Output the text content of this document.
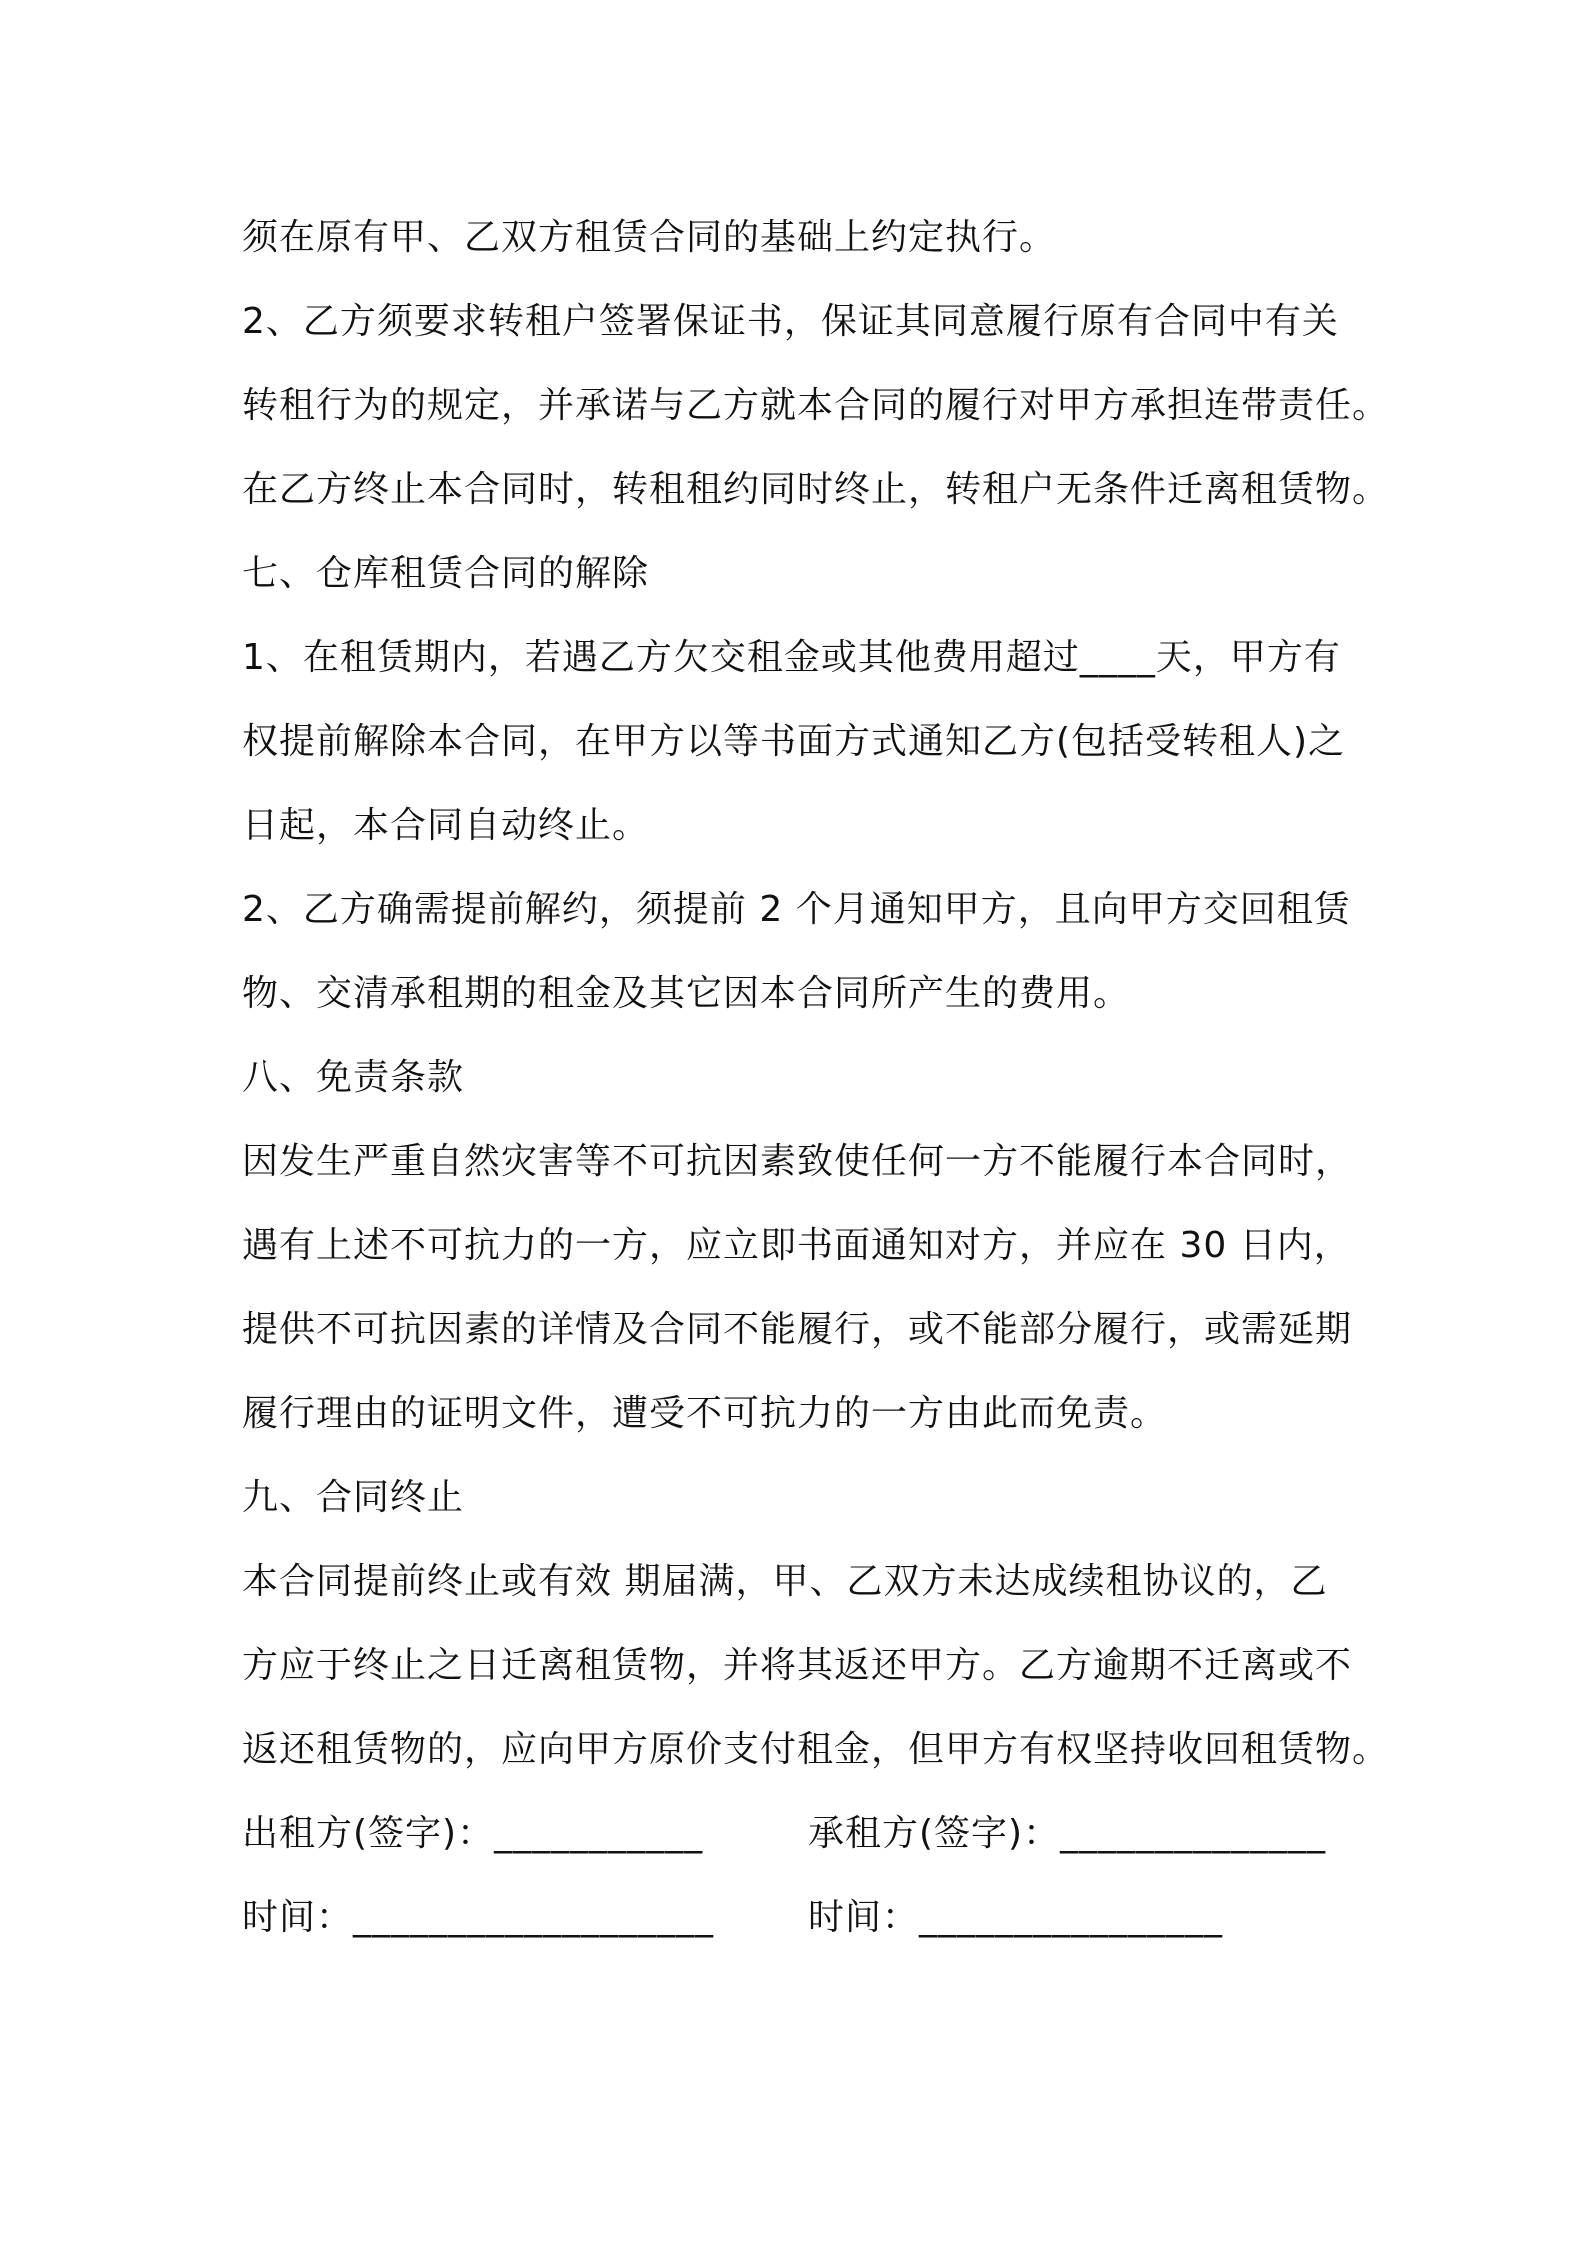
须在原有甲、乙双方租赁合同的基础上约定执行。
2、乙方须要求转租户签署保证书，保证其同意履行原有合同中有关
转租行为的规定，并承诺与乙方就本合同的履行对甲方承担连带责任。
在乙方终止本合同时，转租租约同时终止，转租户无条件迁离租赁物。
七、仓库租赁合同的解除
1、在租赁期内，若遇乙方欠交租金或其他费用超过____天，甲方有
权提前解除本合同，在甲方以等书面方式通知乙方(包括受转租人)之
日起，本合同自动终止。
2、乙方确需提前解约，须提前 2 个月通知甲方，且向甲方交回租赁
物、交清承租期的租金及其它因本合同所产生的费用。
八、免责条款
因发生严重自然灾害等不可抗因素致使任何一方不能履行本合同时，
遇有上述不可抗力的一方，应立即书面通知对方，并应在 30 日内，
提供不可抗因素的详情及合同不能履行，或不能部分履行，或需延期
履行理由的证明文件，遭受不可抗力的一方由此而免责。
九、合同终止
本合同提前终止或有效 期届满，甲、乙双方未达成续租协议的，乙
方应于终止之日迁离租赁物，并将其返还甲方。乙方逾期不迁离或不
返还租赁物的，应向甲方原价支付租金，但甲方有权坚持收回租赁物。
出租方(签字)：___________	承租方(签字)：______________
时间：___________________	时间：________________
